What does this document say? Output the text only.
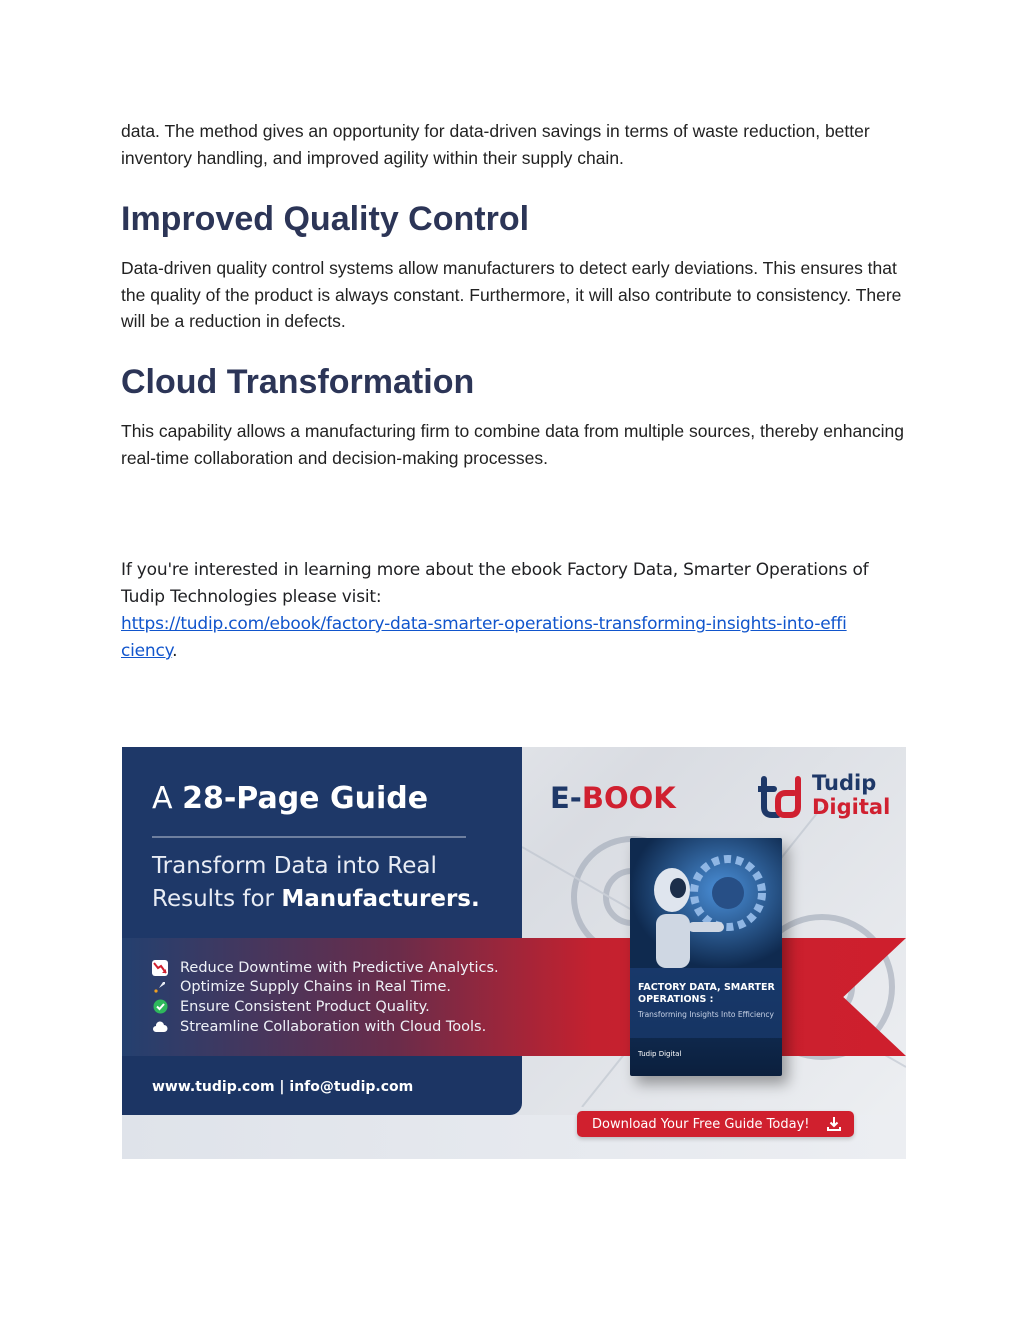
data. The method gives an opportunity for data-driven savings in terms of waste reduction, better inventory handling, and improved agility within their supply chain.

Improved Quality Control

Data-driven quality control systems allow manufacturers to detect early deviations. This ensures that the quality of the product is always constant. Furthermore, it will also contribute to consistency. There will be a reduction in defects.

Cloud Transformation

This capability allows a manufacturing firm to combine data from multiple sources, thereby enhancing real-time collaboration and decision-making processes.

If you're interested in learning more about the ebook Factory Data, Smarter Operations of Tudip Technologies please visit:
https://tudip.com/ebook/factory-data-smarter-operations-transforming-insights-into-effi
ciency.

A 28-Page Guide

Transform Data into Real Results for Manufacturers.

Reduce Downtime with Predictive Analytics.
Optimize Supply Chains in Real Time.
Ensure Consistent Product Quality.
Streamline Collaboration with Cloud Tools.

www.tudip.com | info@tudip.com

E-BOOK	Tudip
Digital
FACTORY DATA, SMARTER OPERATIONS :
Transforming Insights Into Efficiency
Tudip Digital
Download Your Free Guide Today!
